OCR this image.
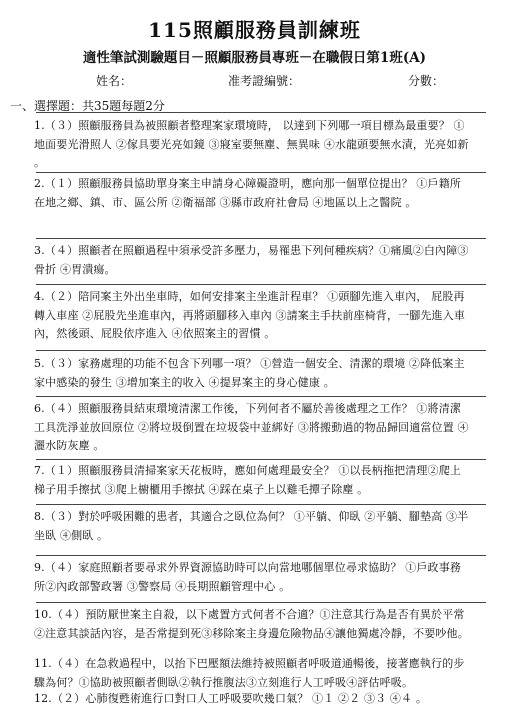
115照顧服務員訓練班
適性筆試測驗題目－照顧服務員專班－在職假日第1班(A)
姓名：	准考證編號：	分數：
一、選擇題：共35題每題2分
1.（３）照顧服務員為被照顧者整理案家環境時， 以達到下列哪一項目標為最重要？ ①地面要光滑照人 ②傢具要光亮如鏡 ③寢室要無塵、無異味 ④水龍頭要無水漬，光亮如新 。
2.（１）照顧服務員協助單身案主申請身心障礙證明，應向那一個單位提出？ ①戶籍所在地之鄉、鎮、市、區公所 ②衛福部 ③縣市政府社會局 ④地區以上之醫院 。
3.（４）照顧者在照顧過程中須承受許多壓力，易罹患下列何種疾病？①痛風②白內障③骨折 ④胃潰瘍。
4.（２）陪同案主外出坐車時，如何安排案主坐進計程車？ ①頭腳先進入車內， 屁股再轉入車座 ②屁股先坐進車內，再將頭腳移入車內 ③請案主手扶前座椅背，一腳先進入車內，然後頭、屁股依序進入 ④依照案主的習慣 。
5.（３）家務處理的功能不包含下列哪一項？ ①營造一個安全、清潔的環境 ②降低案主家中感染的發生 ③增加案主的收入 ④提昇案主的身心健康 。
6.（４）照顧服務員結束環境清潔工作後，下列何者不屬於善後處理之工作？ ①將清潔工具洗淨並放回原位 ②將垃圾倒置在垃圾袋中並綁好 ③將搬動過的物品歸回適當位置 ④灑水防灰塵 。
7.（１）照顧服務員清掃案家天花板時，應如何處理最安全？ ①以長柄拖把清理②爬上梯子用手擦拭 ③爬上櫥櫃用手擦拭 ④踩在桌子上以雞毛撢子除塵 。
8.（３）對於呼吸困難的患者，其適合之臥位為何？ ①平躺、仰臥 ②平躺、腳墊高 ③半坐臥 ④側臥 。
9.（４）家庭照顧者要尋求外界資源協助時可以向當地哪個單位尋求協助？ ①戶政事務所②內政部警政署 ③警察局 ④長期照顧管理中心 。
10.（４）預防厭世案主自殺，以下處置方式何者不合適？①注意其行為是否有異於平常②注意其談話內容，是否常提到死③移除案主身邊危險物品④讓他獨處冷靜，不要吵他。
11.（４）在急救過程中，以抬下巴壓額法維持被照顧者呼吸道通暢後，接著應執行的步驟為何？①協助被照顧者側臥②執行推腹法③立刻進行人工呼吸④評估呼吸。
12.（２）心肺復甦術進行口對口人工呼吸要吹幾口氣？ ①１ ②２ ③３ ④４ 。
